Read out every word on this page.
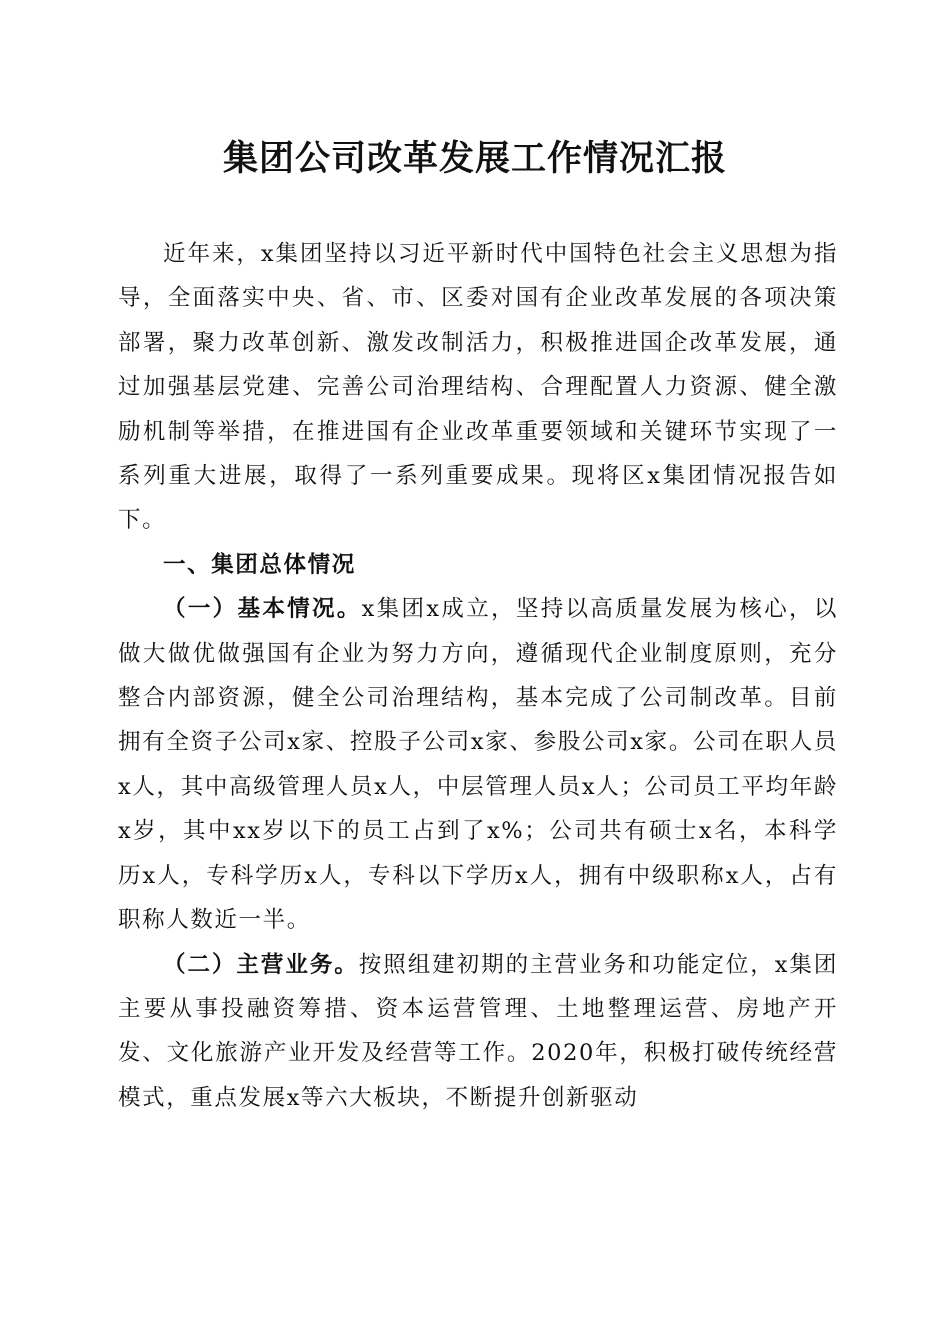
集团公司改革发展工作情况汇报

近年来，x集团坚持以习近平新时代中国特色社会主义思想为指导，全面落实中央、省、市、区委对国有企业改革发展的各项决策部署，聚力改革创新、激发改制活力，积极推进国企改革发展，通过加强基层党建、完善公司治理结构、合理配置人力资源、健全激励机制等举措，在推进国有企业改革重要领域和关键环节实现了一系列重大进展，取得了一系列重要成果。现将区x集团情况报告如下。

一、集团总体情况

（一）基本情况。x集团x成立，坚持以高质量发展为核心，以做大做优做强国有企业为努力方向，遵循现代企业制度原则，充分整合内部资源，健全公司治理结构，基本完成了公司制改革。目前拥有全资子公司x家、控股子公司x家、参股公司x家。公司在职人员x人，其中高级管理人员x人，中层管理人员x人；公司员工平均年龄x岁，其中xx岁以下的员工占到了x%；公司共有硕士x名，本科学历x人，专科学历x人，专科以下学历x人，拥有中级职称x人，占有职称人数近一半。

（二）主营业务。按照组建初期的主营业务和功能定位，x集团主要从事投融资筹措、资本运营管理、土地整理运营、房地产开发、文化旅游产业开发及经营等工作。2020年，积极打破传统经营模式，重点发展x等六大板块，不断提升创新驱动
